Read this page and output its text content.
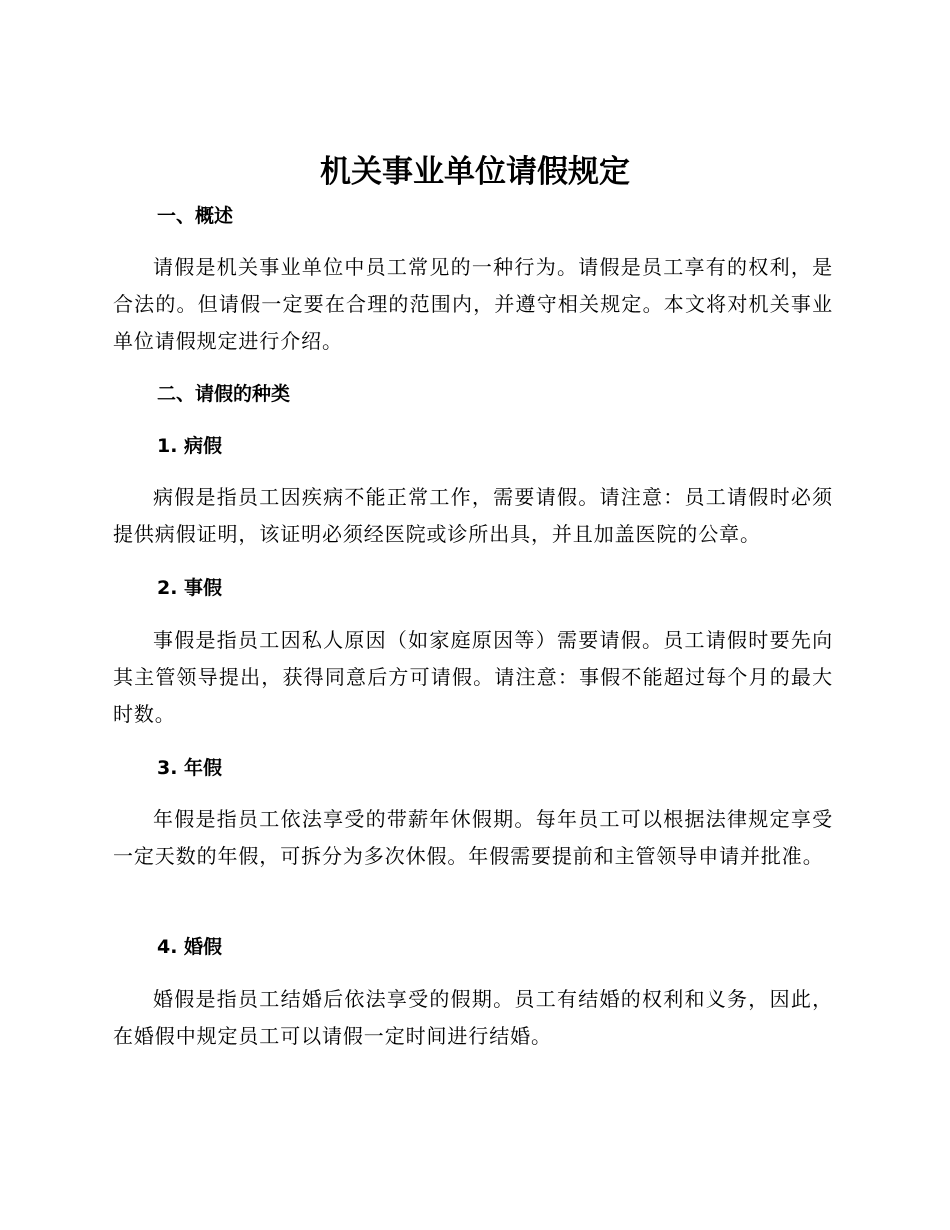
机关事业单位请假规定
一、概述

请假是机关事业单位中员工常见的一种行为。请假是员工享有的权利，是合法的。但请假一定要在合理的范围内，并遵守相关规定。本文将对机关事业单位请假规定进行介绍。

二、请假的种类
1. 病假

病假是指员工因疾病不能正常工作，需要请假。请注意：员工请假时必须提供病假证明，该证明必须经医院或诊所出具，并且加盖医院的公章。

2. 事假

事假是指员工因私人原因（如家庭原因等）需要请假。员工请假时要先向其主管领导提出，获得同意后方可请假。请注意：事假不能超过每个月的最大时数。

3. 年假

年假是指员工依法享受的带薪年休假期。每年员工可以根据法律规定享受一定天数的年假，可拆分为多次休假。年假需要提前和主管领导申请并批准。

4. 婚假

婚假是指员工结婚后依法享受的假期。员工有结婚的权利和义务，因此，在婚假中规定员工可以请假一定时间进行结婚。
